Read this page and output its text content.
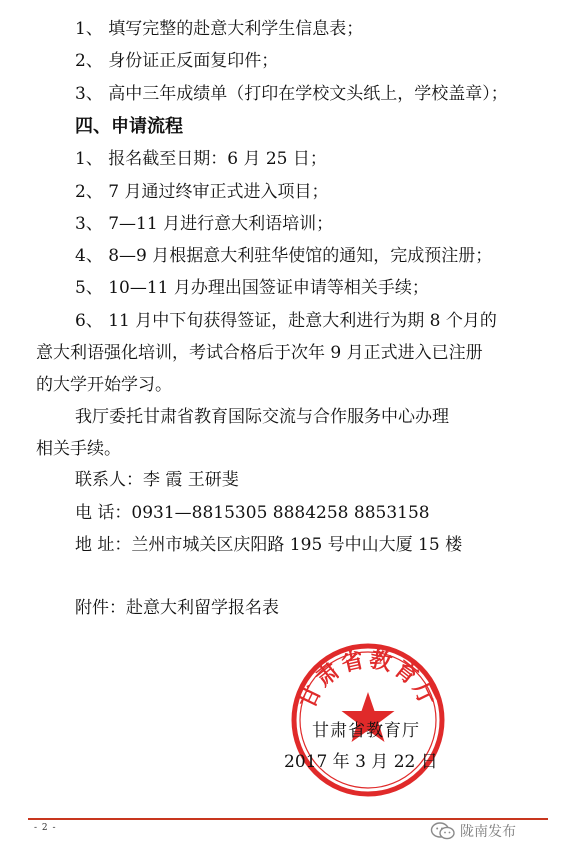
1、 填写完整的赴意大利学生信息表；
2、 身份证正反面复印件；
3、 高中三年成绩单（打印在学校文头纸上，学校盖章）；
四、申请流程
1、 报名截至日期：6 月 25 日；
2、 7 月通过终审正式进入项目；
3、 7—11 月进行意大利语培训；
4、 8—9 月根据意大利驻华使馆的通知，完成预注册；
5、 10—11 月办理出国签证申请等相关手续；
6、 11 月中下旬获得签证，赴意大利进行为期 8 个月的
意大利语强化培训，考试合格后于次年 9 月正式进入已注册
的大学开始学习。
我厅委托甘肃省教育国际交流与合作服务中心办理
相关手续。
联系人：李 霞 王研斐
电 话：0931—8815305 8884258 8853158
地 址：兰州市城关区庆阳路 195 号中山大厦 15 楼
附件：赴意大利留学报名表
甘肃省教育厅
甘肃省教育厅
2017 年 3 月 22 日
- 2 -	陇南发布
